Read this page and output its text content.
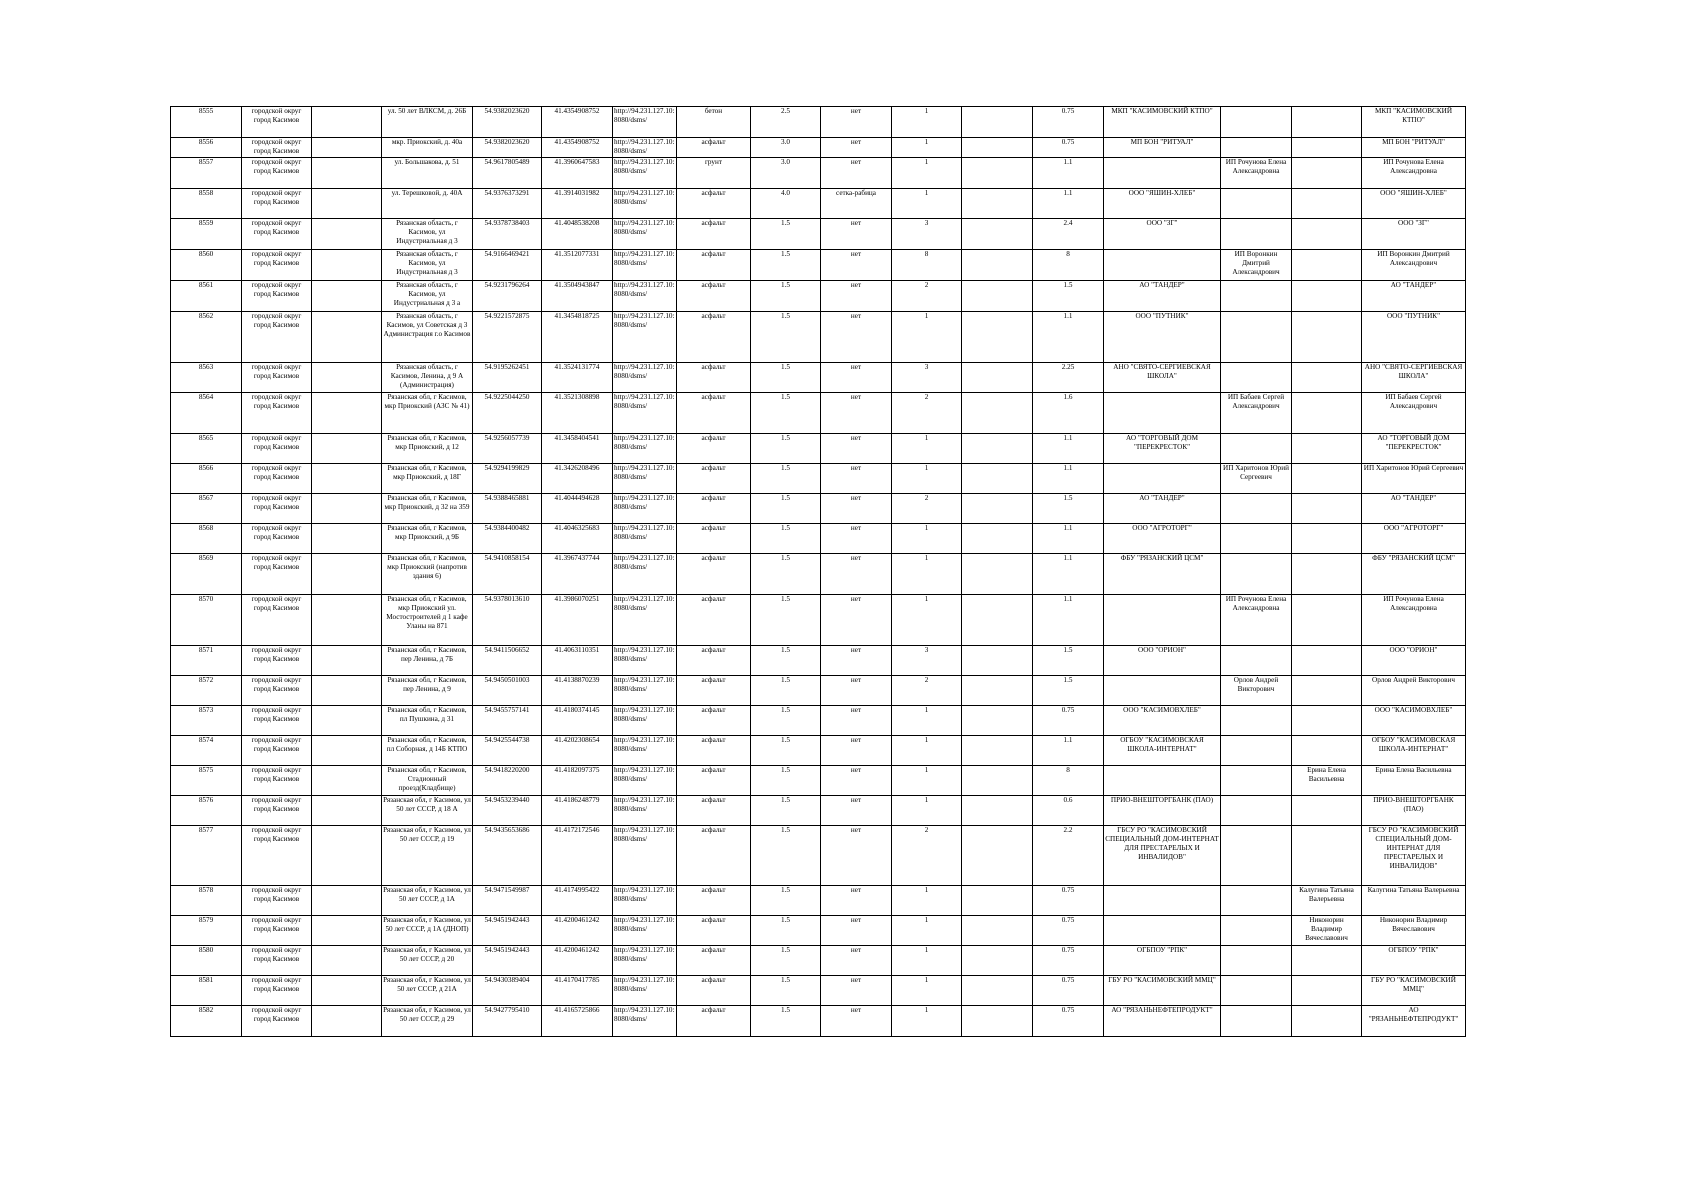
8555	городской округ город Касимов		ул. 50 лет ВЛКСМ, д. 26Б	54.9382023620	41.4354908752	http://94.231.127.10:8080/dsms/	бетон	2.5	нет	1		0.75	МКП "КАСИМОВСКИЙ КТПО"			МКП "КАСИМОВСКИЙ КТПО"
8556	городской округ город Касимов		мкр. Приокский, д. 40а	54.9382023620	41.4354908752	http://94.231.127.10:8080/dsms/	асфальт	3.0	нет	1		0.75	МП БОН "РИТУАЛ"			МП БОН "РИТУАЛ"
8557	городской округ город Касимов		ул. Большакова, д. 51	54.9617805489	41.3960647583	http://94.231.127.10:8080/dsms/	грунт	3.0	нет	1		1.1		ИП Рочунова Елена Александровна		ИП Рочунова Елена Александровна
8558	городской округ город Касимов		ул. Терешковой, д. 40А	54.9376373291	41.3914031982	http://94.231.127.10:8080/dsms/	асфальт	4.0	сетка-рабица	1		1.1	ООО "ЯШИН-ХЛЕБ"			ООО "ЯШИН-ХЛЕБ"
8559	городской округ город Касимов		Рязанская область, г Касимов, ул Индустриальная д 3	54.9378738403	41.4048538208	http://94.231.127.10:8080/dsms/	асфальт	1.5	нет	3		2.4	ООО "ЗГ"			ООО "ЗГ"
8560	городской округ город Касимов		Рязанская область, г Касимов, ул Индустриальная д 3	54.9166469421	41.3512077331	http://94.231.127.10:8080/dsms/	асфальт	1.5	нет	8		8		ИП Воронкин Дмитрий Александрович		ИП Воронкин Дмитрий Александрович
8561	городской округ город Касимов		Рязанская область, г Касимов, ул Индустриальная д 3 а	54.9231796264	41.3504943847	http://94.231.127.10:8080/dsms/	асфальт	1.5	нет	2		1.5	АО "ТАНДЕР"			АО "ТАНДЕР"
8562	городской округ город Касимов		Рязанская область, г Касимов, ул Советская д 3 Администрация г.о Касимов	54.9221572875	41.3454818725	http://94.231.127.10:8080/dsms/	асфальт	1.5	нет	1		1.1	ООО "ПУТНИК"			ООО "ПУТНИК"
8563	городской округ город Касимов		Рязанская область, г Касимов, Ленина, д 9 А (Администрация)	54.9195262451	41.3524131774	http://94.231.127.10:8080/dsms/	асфальт	1.5	нет	3		2.25	АНО "СВЯТО-СЕРГИЕВСКАЯ ШКОЛА"			АНО "СВЯТО-СЕРГИЕВСКАЯ ШКОЛА"
8564	городской округ город Касимов		Рязанская обл, г Касимов, мкр Приокский (АЗС № 41)	54.9225044250	41.3521308898	http://94.231.127.10:8080/dsms/	асфальт	1.5	нет	2		1.6		ИП Бабаев Сергей Александрович		ИП Бабаев Сергей Александрович
8565	городской округ город Касимов		Рязанская обл, г Касимов, мкр Приокский, д 12	54.9256057739	41.3458404541	http://94.231.127.10:8080/dsms/	асфальт	1.5	нет	1		1.1	АО "ТОРГОВЫЙ ДОМ "ПЕРЕКРЕСТОК"			АО "ТОРГОВЫЙ ДОМ "ПЕРЕКРЕСТОК"
8566	городской округ город Касимов		Рязанская обл, г Касимов, мкр Приокский, д 18Г	54.9294199829	41.3426208496	http://94.231.127.10:8080/dsms/	асфальт	1.5	нет	1		1.1		ИП Харитонов Юрий Сергеевич		ИП Харитонов Юрий Сергеевич
8567	городской округ город Касимов		Рязанская обл, г Касимов, мкр Приокский, д 32 на 359	54.9388465881	41.4044494628	http://94.231.127.10:8080/dsms/	асфальт	1.5	нет	2		1.5	АО "ТАНДЕР"			АО "ТАНДЕР"
8568	городской округ город Касимов		Рязанская обл, г Касимов, мкр Приокский, д 9Б	54.9384400482	41.4046325683	http://94.231.127.10:8080/dsms/	асфальт	1.5	нет	1		1.1	ООО "АГРОТОРГ"			ООО "АГРОТОРГ"
8569	городской округ город Касимов		Рязанская обл, г Касимов, мкр Приокский (напротив здания 6)	54.9410858154	41.3967437744	http://94.231.127.10:8080/dsms/	асфальт	1.5	нет	1		1.1	ФБУ "РЯЗАНСКИЙ ЦСМ"			ФБУ "РЯЗАНСКИЙ ЦСМ"
8570	городской округ город Касимов		Рязанская обл, г Касимов, мкр Приокский ул. Мостостроителей д 1 кафе Уланы на 871	54.9378013610	41.3986070251	http://94.231.127.10:8080/dsms/	асфальт	1.5	нет	1		1.1		ИП Рочунова Елена Александровна		ИП Рочунова Елена Александровна
8571	городской округ город Касимов		Рязанская обл, г Касимов, пер Ленина, д 7Б	54.9411506652	41.4063110351	http://94.231.127.10:8080/dsms/	асфальт	1.5	нет	3		1.5	ООО "ОРИОН"			ООО "ОРИОН"
8572	городской округ город Касимов		Рязанская обл, г Касимов, пер Ленина, д 9	54.9450501003	41.4138870239	http://94.231.127.10:8080/dsms/	асфальт	1.5	нет	2		1.5		Орлов Андрей Викторович		Орлов Андрей Викторович
8573	городской округ город Касимов		Рязанская обл, г Касимов, пл Пушкина, д 31	54.9455757141	41.4180374145	http://94.231.127.10:8080/dsms/	асфальт	1.5	нет	1		0.75	ООО "КАСИМОВХЛЕБ"			ООО "КАСИМОВХЛЕБ"
8574	городской округ город Касимов		Рязанская обл, г Касимов, пл Соборная, д 14Б КТПО	54.9425544738	41.4202308654	http://94.231.127.10:8080/dsms/	асфальт	1.5	нет	1		1.1	ОГБОУ "КАСИМОВСКАЯ ШКОЛА-ИНТЕРНАТ"			ОГБОУ "КАСИМОВСКАЯ ШКОЛА-ИНТЕРНАТ"
8575	городской округ город Касимов		Рязанская обл, г Касимов, Стадионный проезд(Кладбище)	54.9418220200	41.4182097375	http://94.231.127.10:8080/dsms/	асфальт	1.5	нет	1		8			Ерина Елена Васильевна	Ерина Елена Васильевна
8576	городской округ город Касимов		Рязанская обл, г Касимов, ул 50 лет СССР, д 18 А	54.9453239440	41.4186248779	http://94.231.127.10:8080/dsms/	асфальт	1.5	нет	1		0.6	ПРИО-ВНЕШТОРГБАНК (ПАО)			ПРИО-ВНЕШТОРГБАНК (ПАО)
8577	городской округ город Касимов		Рязанская обл, г Касимов, ул 50 лет СССР, д 19	54.9435653686	41.4172172546	http://94.231.127.10:8080/dsms/	асфальт	1.5	нет	2		2.2	ГБСУ РО "КАСИМОВСКИЙ СПЕЦИАЛЬНЫЙ ДОМ-ИНТЕРНАТ ДЛЯ ПРЕСТАРЕЛЫХ И ИНВАЛИДОВ"			ГБСУ РО "КАСИМОВСКИЙ СПЕЦИАЛЬНЫЙ ДОМ-ИНТЕРНАТ ДЛЯ ПРЕСТАРЕЛЫХ И ИНВАЛИДОВ"
8578	городской округ город Касимов		Рязанская обл, г Касимов, ул 50 лет СССР, д 1А	54.9471549987	41.4174995422	http://94.231.127.10:8080/dsms/	асфальт	1.5	нет	1		0.75			Калугина Татьяна Валерьевна	Калугина Татьяна Валерьевна
8579	городской округ город Касимов		Рязанская обл, г Касимов, ул 50 лет СССР, д 1А (ДНОП)	54.9451942443	41.4200461242	http://94.231.127.10:8080/dsms/	асфальт	1.5	нет	1		0.75			Никонорин Владимир Вячеславович	Никонорин Владимир Вячеславович
8580	городской округ город Касимов		Рязанская обл, г Касимов, ул 50 лет СССР, д 20	54.9451942443	41.4200461242	http://94.231.127.10:8080/dsms/	асфальт	1.5	нет	1		0.75	ОГБПОУ "РПК"			ОГБПОУ "РПК"
8581	городской округ город Касимов		Рязанская обл, г Касимов, ул 50 лет СССР, д 21А	54.9430389404	41.4170417785	http://94.231.127.10:8080/dsms/	асфальт	1.5	нет	1		0.75	ГБУ РО "КАСИМОВСКИЙ ММЦ"			ГБУ РО "КАСИМОВСКИЙ ММЦ"
8582	городской округ город Касимов		Рязанская обл, г Касимов, ул 50 лет СССР, д 29	54.9427795410	41.4165725866	http://94.231.127.10:8080/dsms/	асфальт	1.5	нет	1		0.75	АО "РЯЗАНЬНЕФТЕПРОДУКТ"			АО "РЯЗАНЬНЕФТЕПРОДУКТ"
